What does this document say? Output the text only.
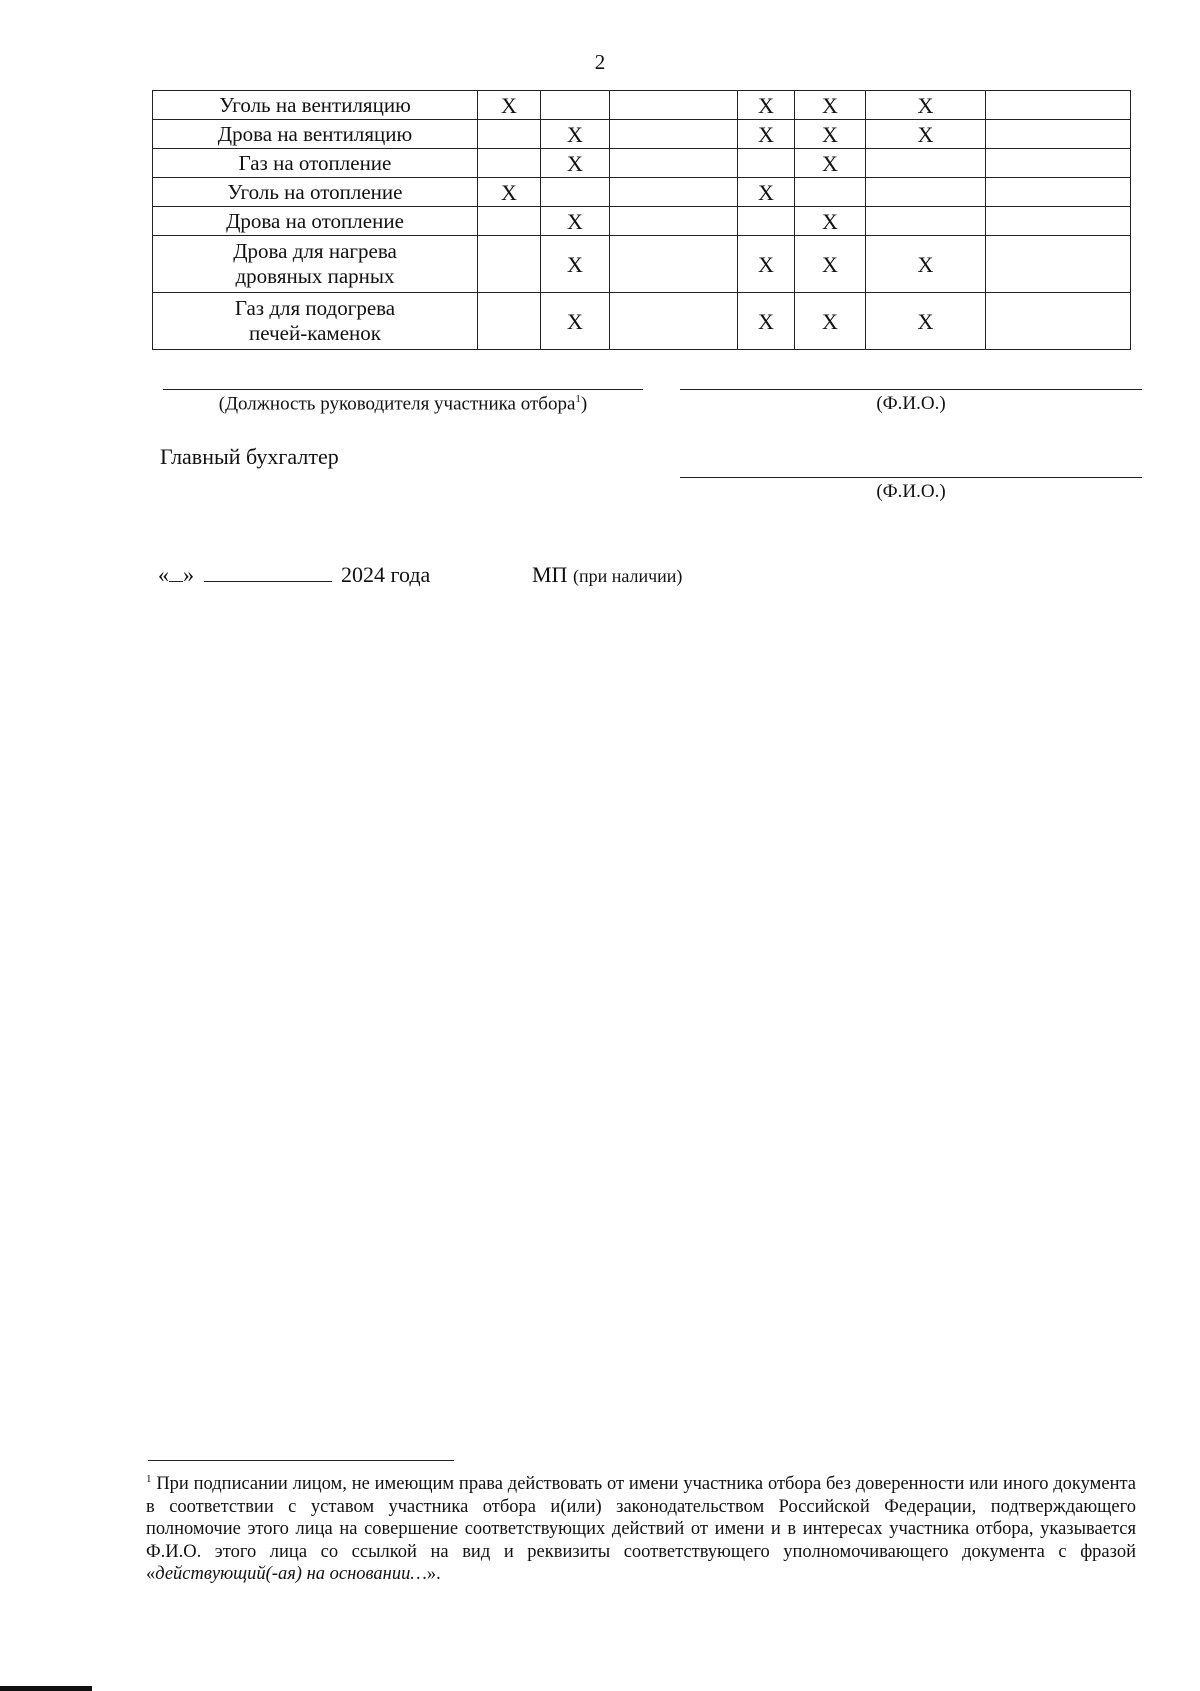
2
Уголь на вентиляцию	X			X	X	X	
Дрова на вентиляцию		X		X	X	X	
Газ на отопление		X			X		
Уголь на отопление	X			X			
Дрова на отопление		X			X		

Дрова для нагрева
дровяных парных		X		X	X	X	

Газ для подогрева
печей-каменок		X		X	X	X	
(Должность руководителя участника отбора$^1$)	(Ф.И.О.)
Главный бухгалтер
(Ф.И.О.)
« »	2024 года	МП (при наличии)
$^1$ При подписании лицом, не имеющим права действовать от имени участника отбора без доверенности или иного документа в соответствии с уставом участника отбора и(или) законодательством Российской Федерации, подтверждающего полномочие этого лица на совершение соответствующих действий от имени и в интересах участника отбора, указывается Ф.И.О. этого лица со ссылкой на вид и реквизиты соответствующего уполномочивающего документа с фразой «действующий(-ая) на основании…».
